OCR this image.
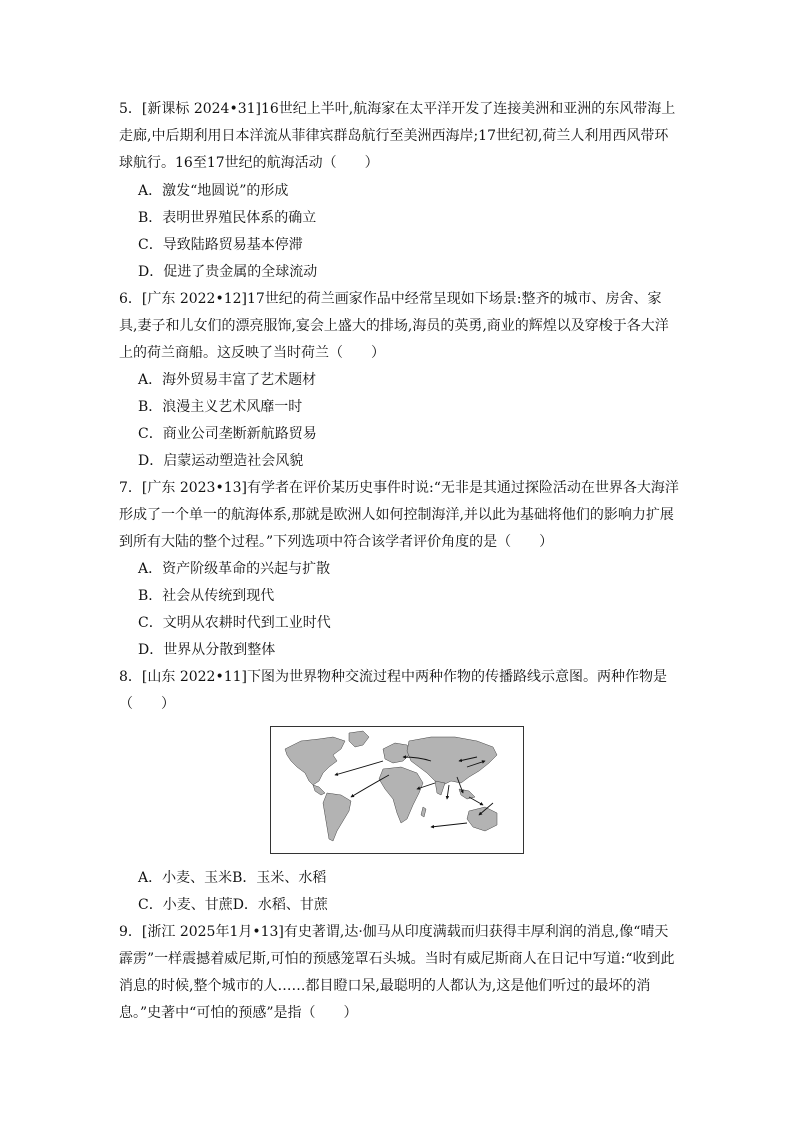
5．[新课标 2024•31]16世纪上半叶,航海家在太平洋开发了连接美洲和亚洲的东风带海上走廊,中后期利用日本洋流从菲律宾群岛航行至美洲西海岸;17世纪初,荷兰人利用西风带环球航行。16至17世纪的航海活动（　　）

A．激发“地圆说”的形成
B．表明世界殖民体系的确立
C．导致陆路贸易基本停滞
D．促进了贵金属的全球流动

6．[广东 2022•12]17世纪的荷兰画家作品中经常呈现如下场景:整齐的城市、房舍、家具,妻子和儿女们的漂亮服饰,宴会上盛大的排场,海员的英勇,商业的辉煌以及穿梭于各大洋上的荷兰商船。这反映了当时荷兰（　　）

A．海外贸易丰富了艺术题材
B．浪漫主义艺术风靡一时
C．商业公司垄断新航路贸易
D．启蒙运动塑造社会风貌

7．[广东 2023•13]有学者在评价某历史事件时说:“无非是其通过探险活动在世界各大海洋形成了一个单一的航海体系,那就是欧洲人如何控制海洋,并以此为基础将他们的影响力扩展到所有大陆的整个过程。”下列选项中符合该学者评价角度的是（　　）

A．资产阶级革命的兴起与扩散
B．社会从传统到现代
C．文明从农耕时代到工业时代
D．世界从分散到整体

8．[山东 2022•11]下图为世界物种交流过程中两种作物的传播路线示意图。两种作物是（　　）

A．小麦、玉米B．玉米、水稻
C．小麦、甘蔗D．水稻、甘蔗

9．[浙江 2025年1月•13]有史著谓,达·伽马从印度满载而归获得丰厚利润的消息,像“晴天霹雳”一样震撼着威尼斯,可怕的预感笼罩石头城。当时有威尼斯商人在日记中写道:“收到此消息的时候,整个城市的人……都目瞪口呆,最聪明的人都认为,这是他们听过的最坏的消息。”史著中“可怕的预感”是指（　　）
